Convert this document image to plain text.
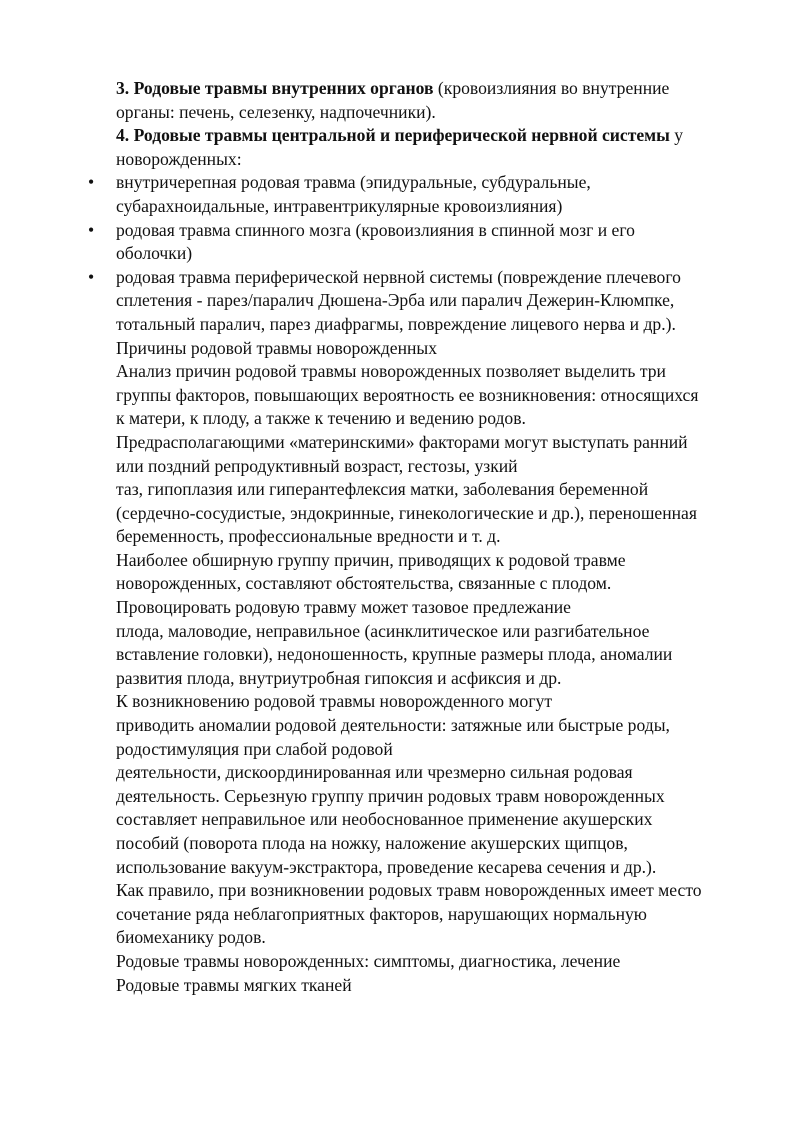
3. Родовые травмы внутренних органов (кровоизлияния во внутренние
органы: печень, селезенку, надпочечники).
4. Родовые травмы центральной и периферической нервной системы у
новорожденных:
• внутричерепная родовая травма (эпидуральные, субдуральные,
субарахноидальные, интравентрикулярные кровоизлияния)
• родовая травма спинного мозга (кровоизлияния в спинной мозг и его
оболочки)
• родовая травма периферической нервной системы (повреждение плечевого
сплетения - парез/паралич Дюшена-Эрба или паралич Дежерин-Клюмпке,
тотальный паралич, парез диафрагмы, повреждение лицевого нерва и др.).
Причины родовой травмы новорожденных
Анализ причин родовой травмы новорожденных позволяет выделить три
группы факторов, повышающих вероятность ее возникновения: относящихся
к матери, к плоду, а также к течению и ведению родов.
Предрасполагающими «материнскими» факторами могут выступать ранний
или поздний репродуктивный возраст, гестозы, узкий
таз, гипоплазия или гиперантефлексия матки, заболевания беременной
(сердечно-сосудистые, эндокринные, гинекологические и др.), переношенная
беременность, профессиональные вредности и т. д.
Наиболее обширную группу причин, приводящих к родовой травме
новорожденных, составляют обстоятельства, связанные с плодом.
Провоцировать родовую травму может тазовое предлежание
плода, маловодие, неправильное (асинклитическое или разгибательное
вставление головки), недоношенность, крупные размеры плода, аномалии
развития плода, внутриутробная гипоксия и асфиксия и др.
К возникновению родовой травмы новорожденного могут
приводить аномалии родовой деятельности: затяжные или быстрые роды,
родостимуляция при слабой родовой
деятельности, дискоординированная или чрезмерно сильная родовая
деятельность. Серьезную группу причин родовых травм новорожденных
составляет неправильное или необоснованное применение акушерских
пособий (поворота плода на ножку, наложение акушерских щипцов,
использование вакуум-экстрактора, проведение кесарева сечения и др.).
Как правило, при возникновении родовых травм новорожденных имеет место
сочетание ряда неблагоприятных факторов, нарушающих нормальную
биомеханику родов.
Родовые травмы новорожденных: симптомы, диагностика, лечение
Родовые травмы мягких тканей
